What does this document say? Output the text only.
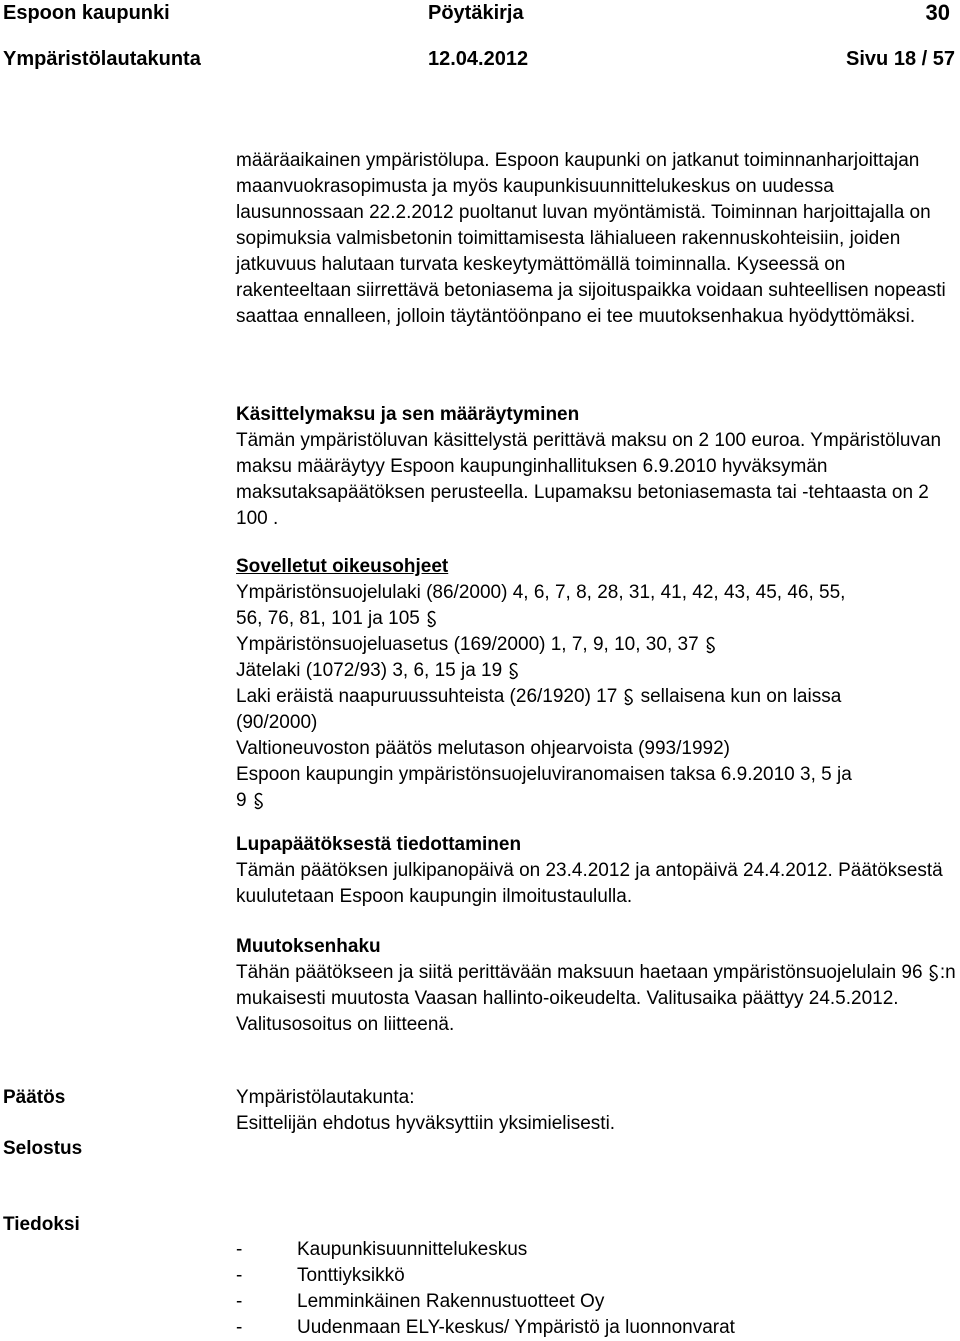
Espoon kaupunki	Pöytäkirja	30
Ympäristölautakunta	12.04.2012	Sivu 18 / 57
määräaikainen ympäristölupa. Espoon kaupunki on jatkanut toiminnanharjoittajan maanvuokrasopimusta ja myös kaupunkisuunnittelukeskus on uudessa lausunnossaan 22.2.2012 puoltanut luvan myöntämistä. Toiminnan harjoittajalla on sopimuksia valmisbetonin toimittamisesta lähialueen rakennuskohteisiin, joiden jatkuvuus halutaan turvata keskeytymättömällä toiminnalla. Kyseessä on rakenteeltaan siirrettävä betoniasema ja sijoituspaikka voidaan suhteellisen nopeasti saattaa ennalleen, jolloin täytäntöönpano ei tee muutoksenhakua hyödyttömäksi.
Käsittelymaksu ja sen määräytyminen
Tämän ympäristöluvan käsittelystä perittävä maksu on 2 100 euroa. Ympäristöluvan maksu määräytyy Espoon kaupunginhallituksen 6.9.2010 hyväksymän maksutaksapäätöksen perusteella. Lupamaksu betoniasemasta tai -tehtaasta on 2 100 .
Sovelletut oikeusohjeet
Ympäristönsuojelulaki (86/2000) 4, 6, 7, 8, 28, 31, 41, 42, 43, 45, 46, 55,
56, 76, 81, 101 ja 105
Ympäristönsuojeluasetus (169/2000) 1, 7, 9, 10, 30, 37
Jätelaki (1072/93) 3, 6, 15 ja 19
Laki eräistä naapuruussuhteista (26/1920) 17 sellaisena kun on laissa
(90/2000)
Valtioneuvoston päätös melutason ohjearvoista (993/1992)
Espoon kaupungin ympäristönsuojeluviranomaisen taksa 6.9.2010 3, 5 ja
9
Lupapäätöksestä tiedottaminen
Tämän päätöksen julkipanopäivä on 23.4.2012 ja antopäivä 24.4.2012. Päätöksestä kuulutetaan Espoon kaupungin ilmoitustaululla.
Muutoksenhaku
Tähän päätökseen ja siitä perittävään maksuun haetaan ympäristönsuojelulain 96 :n mukaisesti muutosta Vaasan hallinto-oikeudelta. Valitusaika päättyy 24.5.2012. Valitusosoitus on liitteenä.
Päätös	Ympäristölautakunta:
Esittelijän ehdotus hyväksyttiin yksimielisesti.
Selostus
Tiedoksi
-	Kaupunkisuunnittelukeskus
-	Tonttiyksikkö
-	Lemminkäinen Rakennustuotteet Oy
-	Uudenmaan ELY-keskus/ Ympäristö ja luonnonvarat
